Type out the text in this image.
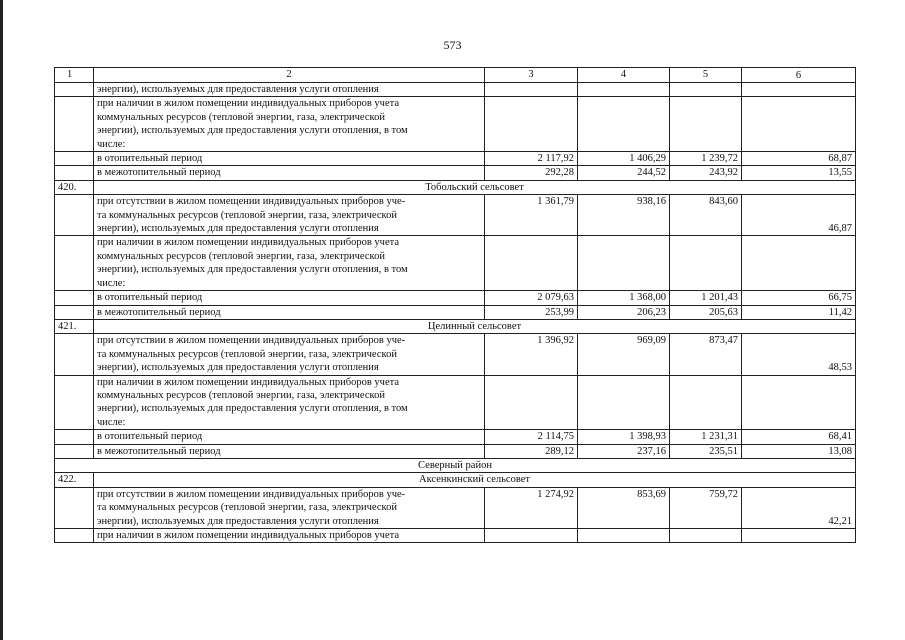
573
1	2	3	4	5	6

	энергии), используемых для предоставления услуги отопления				

	при наличии в жилом помещении индивидуальных приборов учета
коммунальных ресурсов (тепловой энергии, газа, электрической
энергии), используемых для предоставления услуги отопления, в том
числе:				

	в отопительный период	2 117,92	1 406,29	1 239,72	68,87

	в межотопительный период	292,28	244,52	243,92	13,55
420.	Тобольский сельсовет				

	при отсутствии в жилом помещении индивидуальных приборов уче-
та коммунальных ресурсов (тепловой энергии, газа, электрической
энергии), используемых для предоставления услуги отопления	1 361,79	938,16	843,60	46,87

	при наличии в жилом помещении индивидуальных приборов учета
коммунальных ресурсов (тепловой энергии, газа, электрической
энергии), используемых для предоставления услуги отопления, в том
числе:				

	в отопительный период	2 079,63	1 368,00	1 201,43	66,75

	в межотопительный период	253,99	206,23	205,63	11,42
421.	Целинный сельсовет				

	при отсутствии в жилом помещении индивидуальных приборов уче-
та коммунальных ресурсов (тепловой энергии, газа, электрической
энергии), используемых для предоставления услуги отопления	1 396,92	969,09	873,47	48,53

	при наличии в жилом помещении индивидуальных приборов учета
коммунальных ресурсов (тепловой энергии, газа, электрической
энергии), используемых для предоставления услуги отопления, в том
числе:				

	в отопительный период	2 114,75	1 398,93	1 231,31	68,41

	в межотопительный период	289,12	237,16	235,51	13,08
Северный район					
422.	Аксенкинский сельсовет				

	при отсутствии в жилом помещении индивидуальных приборов уче-
та коммунальных ресурсов (тепловой энергии, газа, электрической
энергии), используемых для предоставления услуги отопления	1 274,92	853,69	759,72	42,21

	при наличии в жилом помещении индивидуальных приборов учета				
